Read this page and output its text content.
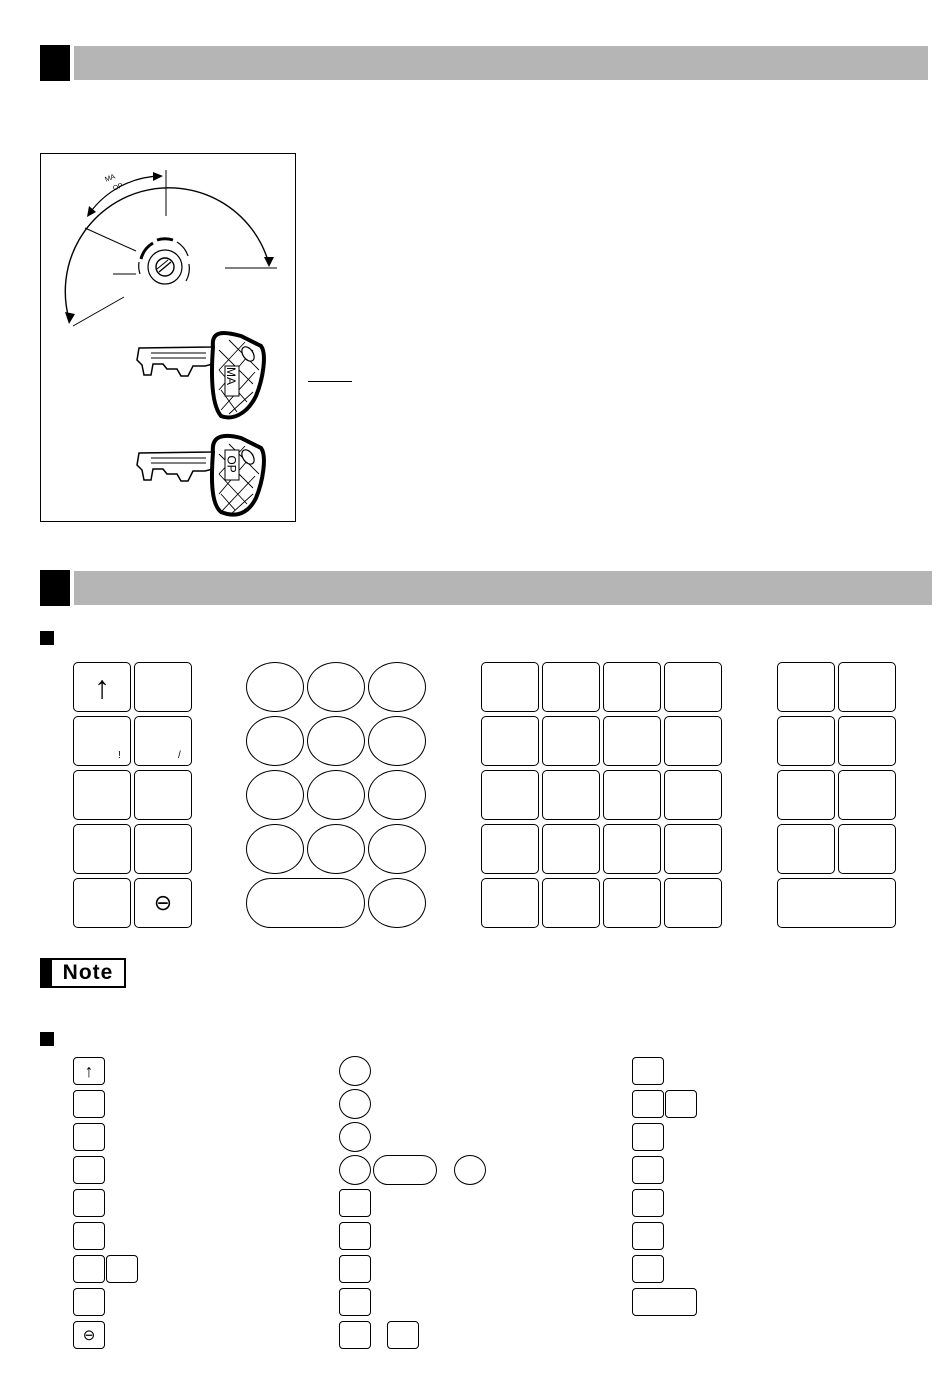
MA
OP
MA
OP
↑
!	/
⊖
Note
↑
⊖
